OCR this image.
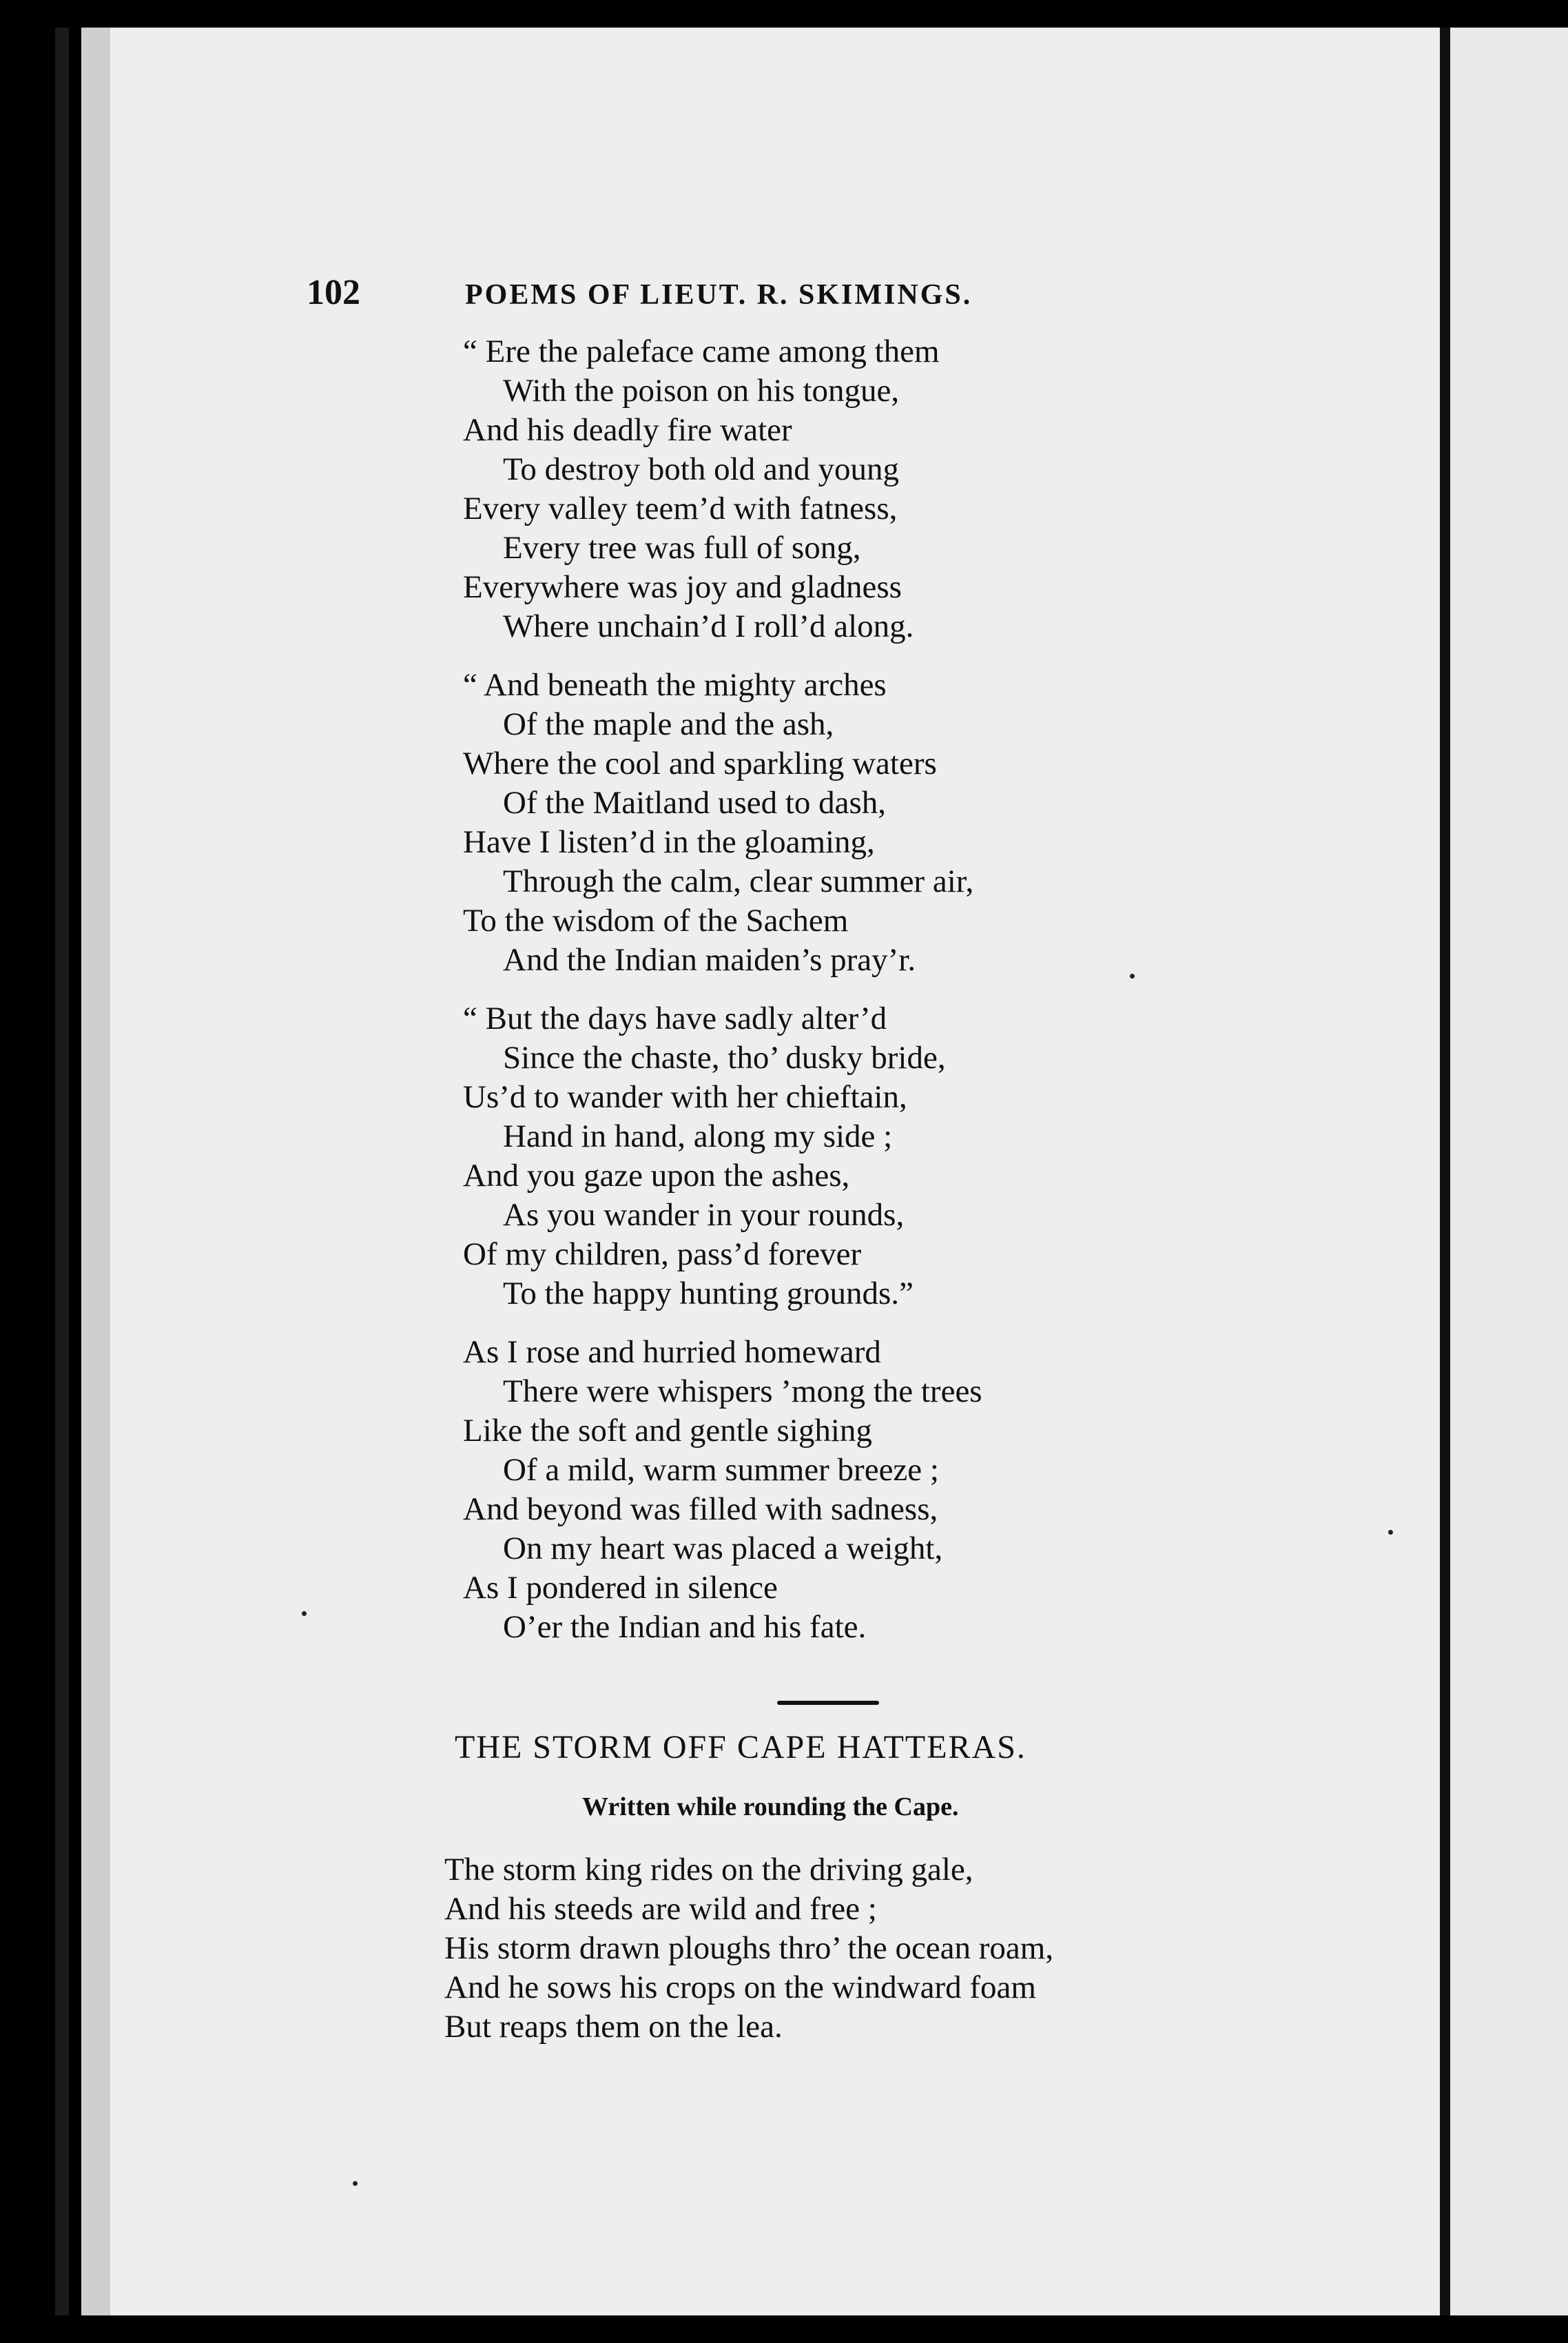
102	POEMS OF LIEUT. R. SKIMINGS.
“ Ere the paleface came among them
With the poison on his tongue,
And his deadly fire water
To destroy both old and young
Every valley teem’d with fatness,
Every tree was full of song,
Everywhere was joy and gladness
Where unchain’d I roll’d along.
“ And beneath the mighty arches
Of the maple and the ash,
Where the cool and sparkling waters
Of the Maitland used to dash,
Have I listen’d in the gloaming,
Through the calm, clear summer air,
To the wisdom of the Sachem
And the Indian maiden’s pray’r.
“ But the days have sadly alter’d
Since the chaste, tho’ dusky bride,
Us’d to wander with her chieftain,
Hand in hand, along my side ;
And you gaze upon the ashes,
As you wander in your rounds,
Of my children, pass’d forever
To the happy hunting grounds.”
As I rose and hurried homeward
There were whispers ’mong the trees
Like the soft and gentle sighing
Of a mild, warm summer breeze ;
And beyond was filled with sadness,
On my heart was placed a weight,
As I pondered in silence
O’er the Indian and his fate.
THE STORM OFF CAPE HATTERAS.
Written while rounding the Cape.
The storm king rides on the driving gale,
And his steeds are wild and free ;
His storm drawn ploughs thro’ the ocean roam,
And he sows his crops on the windward foam
But reaps them on the lea.
